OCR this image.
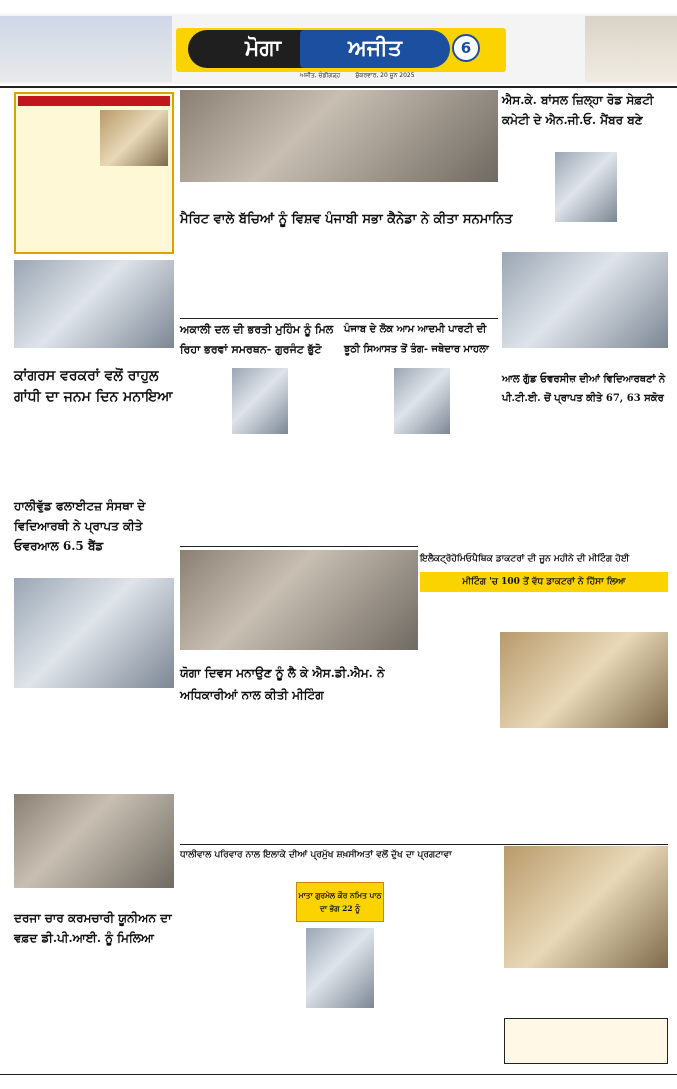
ਮੋਗਾ	ਅਜੀਤ	6
ਅਜੀਤ, ਚੰਡੀਗੜ੍ਹ	ਸ਼ੁੱਕਰਵਾਰ, 20 ਜੂਨ 2025
ਕਾਂਗਰਸ ਵਰਕਰਾਂ ਵਲੋਂ ਰਾਹੁਲ ਗਾਂਧੀ ਦਾ ਜਨਮ ਦਿਨ ਮਨਾਇਆ
ਹਾਲੀਵੁੱਡ ਫਲਾਈਟਜ਼ ਸੰਸਥਾ ਦੇ ਵਿਦਿਆਰਥੀ ਨੇ ਪ੍ਰਾਪਤ ਕੀਤੇ ਓਵਰਆਲ 6.5 ਬੈਂਡ
ਦਰਜਾ ਚਾਰ ਕਰਮਚਾਰੀ ਯੂਨੀਅਨ ਦਾ ਵਫ਼ਦ ਡੀ.ਪੀ.ਆਈ. ਨੂੰ ਮਿਲਿਆ
ਮੈਰਿਟ ਵਾਲੇ ਬੱਚਿਆਂ ਨੂੰ ਵਿਸ਼ਵ ਪੰਜਾਬੀ ਸਭਾ ਕੈਨੇਡਾ ਨੇ ਕੀਤਾ ਸਨਮਾਨਿਤ
ਐਸ.ਕੇ. ਬਾਂਸਲ ਜ਼ਿਲ੍ਹਾ ਰੋਡ ਸੇਫ਼ਟੀ ਕਮੇਟੀ ਦੇ ਐਨ.ਜੀ.ਓ. ਮੈਂਬਰ ਬਣੇ
ਆਲ ਗੁੱਡ ਓਵਰਸੀਜ਼ ਦੀਆਂ ਵਿਦਿਆਰਥਣਾਂ ਨੇ ਪੀ.ਟੀ.ਈ. ਚੋਂ ਪ੍ਰਾਪਤ ਕੀਤੇ 67, 63 ਸਕੋਰ
ਅਕਾਲੀ ਦਲ ਦੀ ਭਰਤੀ ਮੁਹਿੰਮ ਨੂੰ ਮਿਲ ਰਿਹਾ ਭਰਵਾਂ ਸਮਰਥਨ- ਗੁਰਜੰਟ ਭੁੱਟੋ
ਪੰਜਾਬ ਦੇ ਲੋਕ ਆਮ ਆਦਮੀ ਪਾਰਟੀ ਦੀ ਝੂਠੀ ਸਿਆਸਤ ਤੋਂ ਤੰਗ- ਜਥੇਦਾਰ ਮਾਹਲਾ
ਯੋਗਾ ਦਿਵਸ ਮਨਾਉਣ ਨੂੰ ਲੈ ਕੇ ਐਸ.ਡੀ.ਐਮ. ਨੇ ਅਧਿਕਾਰੀਆਂ ਨਾਲ ਕੀਤੀ ਮੀਟਿੰਗ
ਇਲੈਕਟ੍ਰੋਹੋਮਿਓਪੈਥਿਕ ਡਾਕਟਰਾਂ ਦੀ ਜੂਨ ਮਹੀਨੇ ਦੀ ਮੀਟਿੰਗ ਹੋਈ
ਮੀਟਿੰਗ 'ਚ 100 ਤੋਂ ਵੱਧ ਡਾਕਟਰਾਂ ਨੇ ਹਿੱਸਾ ਲਿਆ
ਧਾਲੀਵਾਲ ਪਰਿਵਾਰ ਨਾਲ ਇਲਾਕੇ ਦੀਆਂ ਪ੍ਰਮੁੱਖ ਸ਼ਖ਼ਸੀਅਤਾਂ ਵਲੋਂ ਦੁੱਖ ਦਾ ਪ੍ਰਗਟਾਵਾ
ਮਾਤਾ ਗੁਰਮੇਲ ਕੌਰ ਨਮਿਤ ਪਾਠ ਦਾ ਭੋਗ 22 ਨੂੰ
